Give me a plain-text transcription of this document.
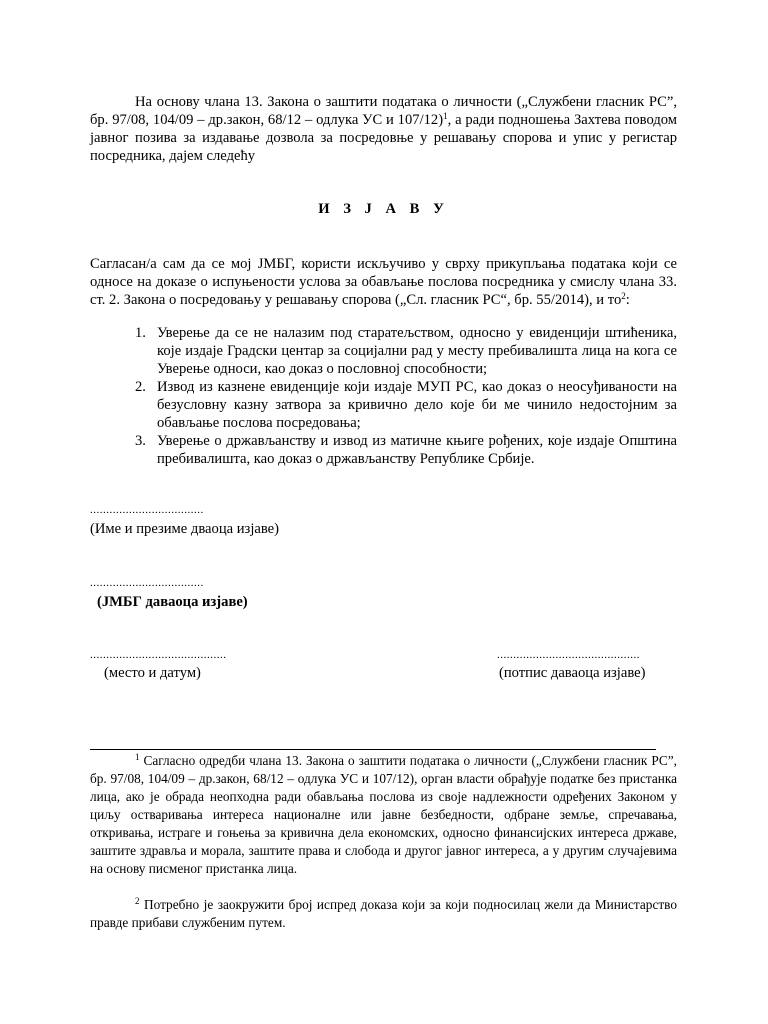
На основу члана 13. Закона о заштити података о личности („Службени гласник РС”, бр. 97/08, 104/09 – др.закон, 68/12 – одлука УС и 107/12)$^1$, а ради подношења Захтева поводом јавног позива за издавање дозвола за посредовње у решавању спорова и упис у регистар посредника, дајем следећу
И З Ј А В У
Сагласан/а сам да се мој ЈМБГ, користи искључиво у сврху прикупљања података који се односе на доказе о испуњености услова за обављање послова посредника у смислу члана 33. ст. 2. Закона о посредовању у решавању спорова („Сл. гласник РС“, бр. 55/2014), и $то^2$:
1. Уверење да се не налазим под старатељством, односно у евиденцији штићеника, које издаје Градски центар за социјални рад у месту пребивалишта лица на кога се Уверење односи, као доказ о пословној способности;
2. Извод из казнене евиденције који издаје МУП РС, као доказ о неосуђиваности на безусловну казну затвора за кривично дело које би ме чинило недостојним за обављање послова посредовања;
3. Уверење о држављанству и извод из матичне књиге рођених, које издаје Општина пребивалишта, као доказ о држављанству Републике Србије.
...................................
(Име и презиме дваоца изјаве)
...................................
(ЈМБГ даваоца изјаве)
..........................................
(место и датум)
............................................
(потпис даваоца изјаве)
$^1$ Сагласно одредби члана 13. Закона о заштити података о личности („Службени гласник РС”, бр. 97/08, 104/09 – др.закон, 68/12 – одлука УС и 107/12), орган власти обрађује податке без пристанка лица, ако је обрада неопходна ради обављања послова из своје надлежности одређених Законом у циљу остваривања интереса националне или јавне безбедности, одбране земље, спречавања, откривања, истраге и гоњења за кривична дела економских, односно финансијских интереса државе, заштите здравља и морала, заштите права и слобода и другог јавног интереса, а у другим случајевима на основу писменог пристанка лица.
$^2$ Потребно је заокружити број испред доказа који за који подносилац жели да Министарство правде прибави службеним путем.
